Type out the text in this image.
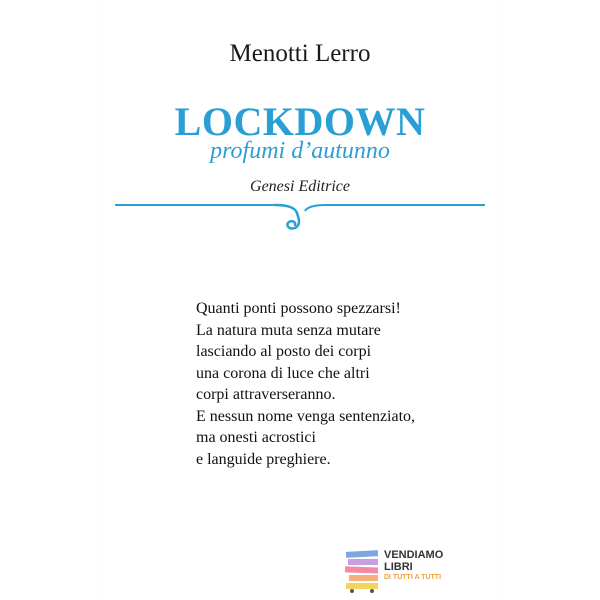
Menotti Lerro
LOCKDOWN
profumi d’autunno
Genesi Editrice
Quanti ponti possono spezzarsi!
La natura muta senza mutare
lasciando al posto dei corpi
una corona di luce che altri
corpi attraverseranno.
E nessun nome venga sentenziato,
ma onesti acrostici
e languide preghiere.
VENDIAMO
LIBRI
DI TUTTI A TUTTI
